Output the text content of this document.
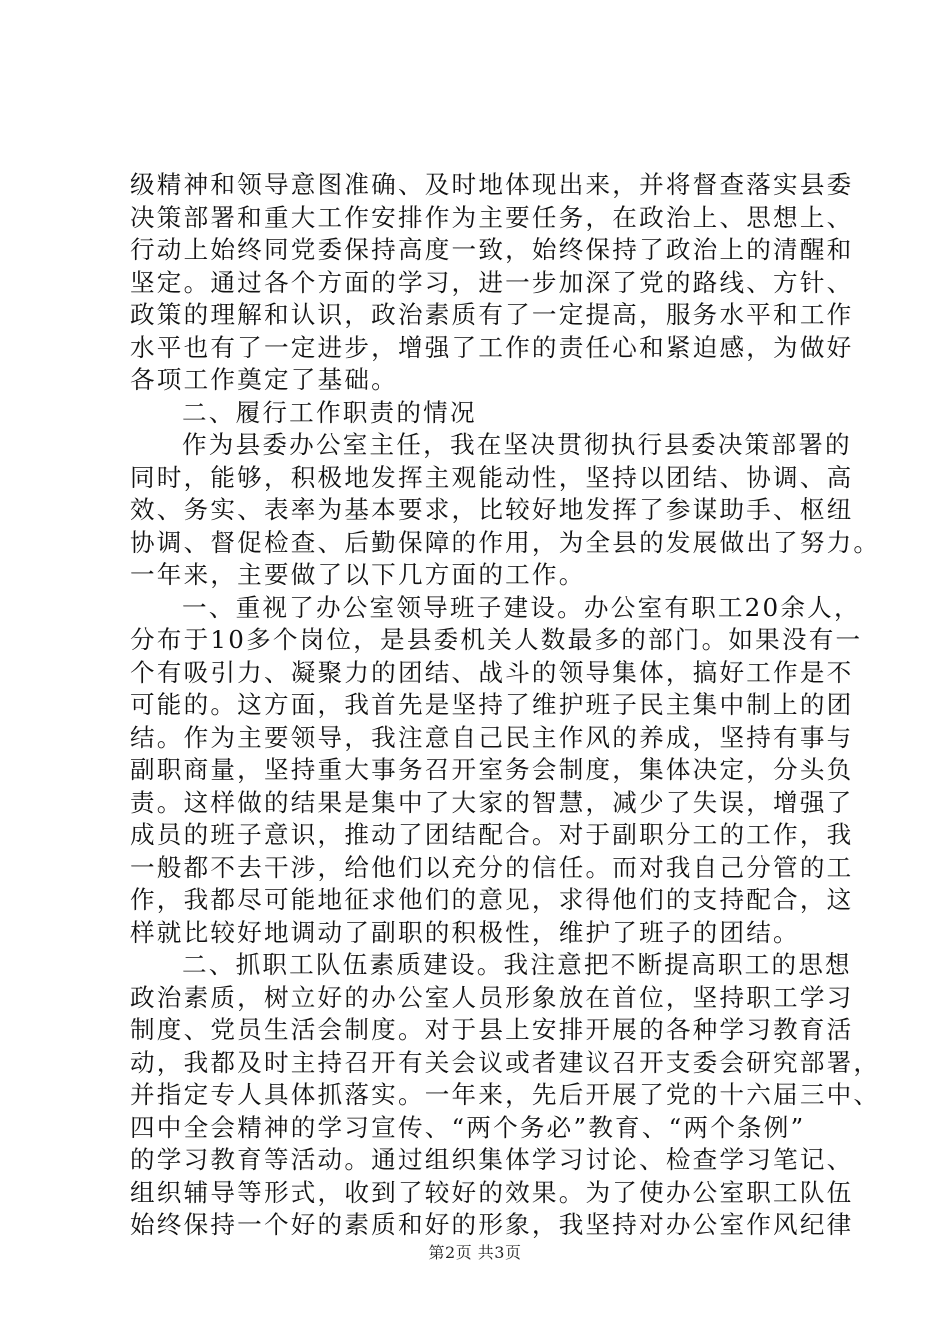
级精神和领导意图准确、及时地体现出来，并将督查落实县委
决策部署和重大工作安排作为主要任务，在政治上、思想上、
行动上始终同党委保持高度一致，始终保持了政治上的清醒和
坚定。通过各个方面的学习，进一步加深了党的路线、方针、
政策的理解和认识，政治素质有了一定提高，服务水平和工作
水平也有了一定进步，增强了工作的责任心和紧迫感，为做好
各项工作奠定了基础。
二、履行工作职责的情况
作为县委办公室主任，我在坚决贯彻执行县委决策部署的
同时，能够，积极地发挥主观能动性，坚持以团结、协调、高
效、务实、表率为基本要求，比较好地发挥了参谋助手、枢纽
协调、督促检查、后勤保障的作用，为全县的发展做出了努力。
一年来，主要做了以下几方面的工作。
一、重视了办公室领导班子建设。办公室有职工20余人，
分布于10多个岗位，是县委机关人数最多的部门。如果没有一
个有吸引力、凝聚力的团结、战斗的领导集体，搞好工作是不
可能的。这方面，我首先是坚持了维护班子民主集中制上的团
结。作为主要领导，我注意自己民主作风的养成，坚持有事与
副职商量，坚持重大事务召开室务会制度，集体决定，分头负
责。这样做的结果是集中了大家的智慧，减少了失误，增强了
成员的班子意识，推动了团结配合。对于副职分工的工作，我
一般都不去干涉，给他们以充分的信任。而对我自己分管的工
作，我都尽可能地征求他们的意见，求得他们的支持配合，这
样就比较好地调动了副职的积极性，维护了班子的团结。
二、抓职工队伍素质建设。我注意把不断提高职工的思想
政治素质，树立好的办公室人员形象放在首位，坚持职工学习
制度、党员生活会制度。对于县上安排开展的各种学习教育活
动，我都及时主持召开有关会议或者建议召开支委会研究部署，
并指定专人具体抓落实。一年来，先后开展了党的十六届三中、
四中全会精神的学习宣传、“两个务必”教育、“两个条例”
的学习教育等活动。通过组织集体学习讨论、检查学习笔记、
组织辅导等形式，收到了较好的效果。为了使办公室职工队伍
始终保持一个好的素质和好的形象，我坚持对办公室作风纪律
第2页 共3页
